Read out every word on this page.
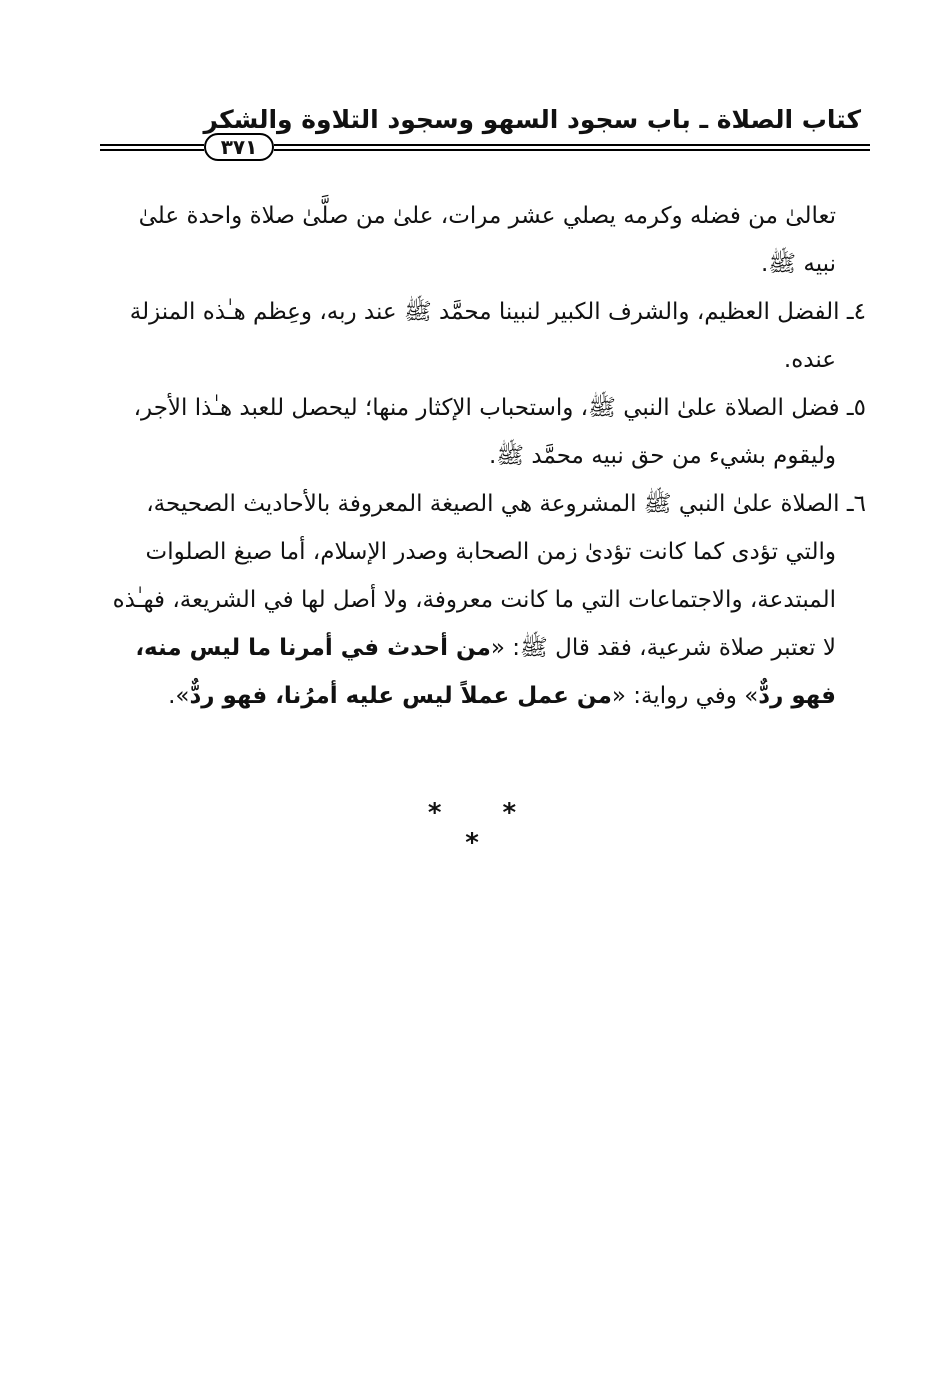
كتاب الصلاة ـ باب سجود السهو وسجود التلاوة والشكر
٣٧١

تعالىٰ من فضله وكرمه يصلي عشر مرات، علىٰ من صلَّىٰ صلاة واحدة علىٰ نبيه ﷺ.

٤ـ الفضل العظيم، والشرف الكبير لنبينا محمَّد ﷺ عند ربه، وعِظم هـٰذه المنزلة عنده.

٥ـ فضل الصلاة علىٰ النبي ﷺ، واستحباب الإكثار منها؛ ليحصل للعبد هـٰذا الأجر، وليقوم بشيء من حق نبيه محمَّد ﷺ.

٦ـ الصلاة علىٰ النبي ﷺ المشروعة هي الصيغة المعروفة بالأحاديث الصحيحة، والتي تؤدى كما كانت تؤدىٰ زمن الصحابة وصدر الإسلام، أما صيغ الصلوات المبتدعة، والاجتماعات التي ما كانت معروفة، ولا أصل لها في الشريعة، فهـٰذه لا تعتبر صلاة شرعية، فقد قال ﷺ: «من أحدث في أمرنا ما ليس منه، فهو ردٌّ» وفي رواية: «من عمل عملاً ليس عليه أمرُنا، فهو ردٌّ».

* * *
